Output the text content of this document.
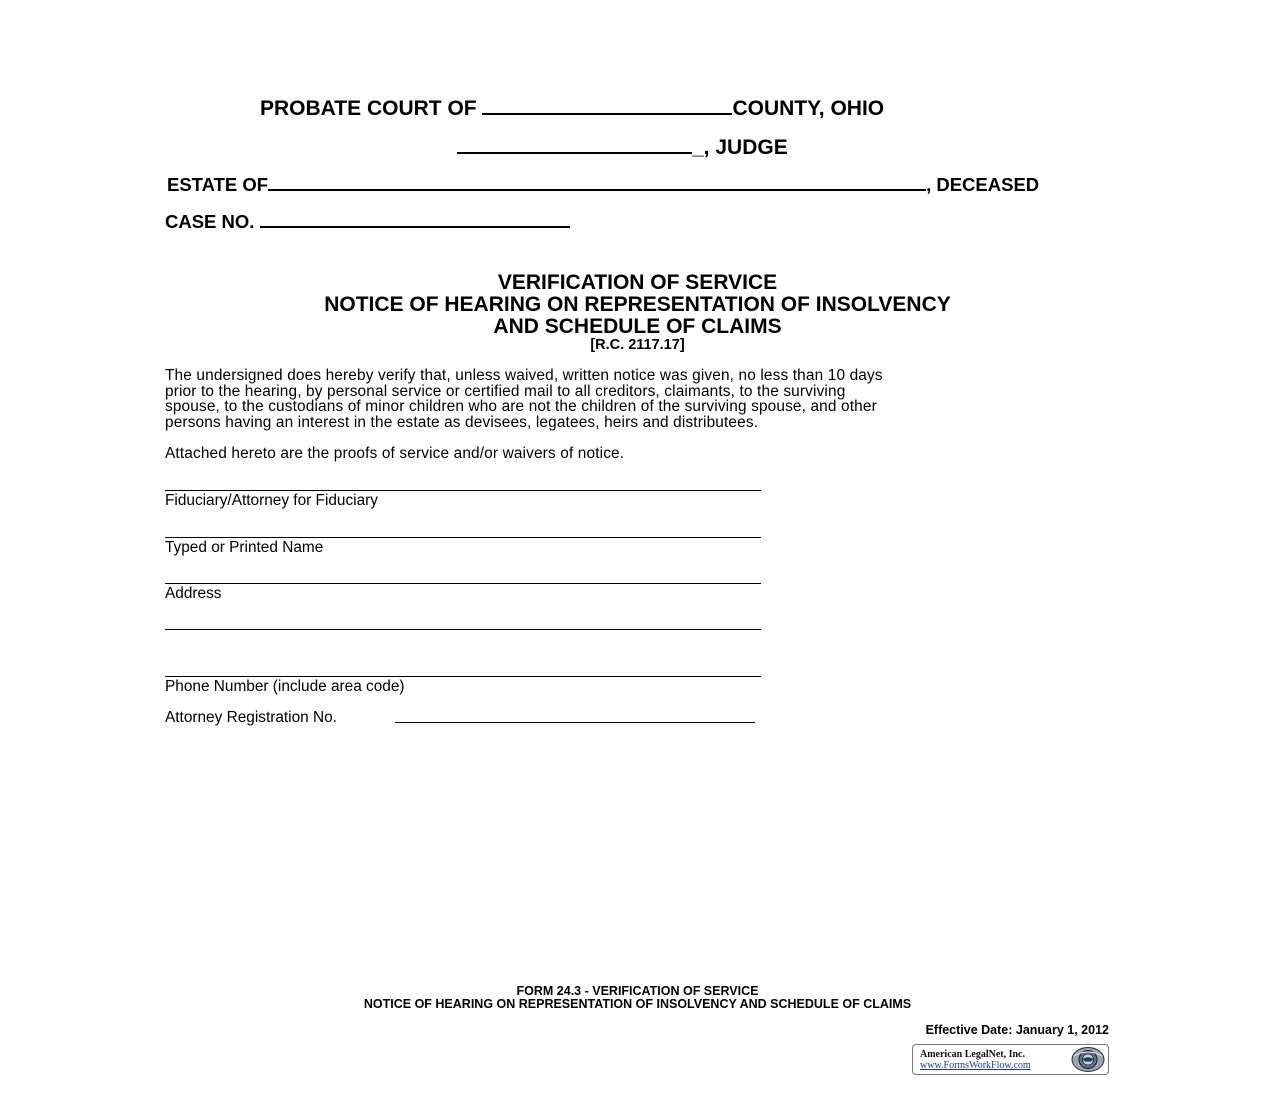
PROBATE COURT OF	COUNTY, OHIO
_, JUDGE
ESTATE OF	, DECEASED
CASE NO.
VERIFICATION OF SERVICE
NOTICE OF HEARING ON REPRESENTATION OF INSOLVENCY
AND SCHEDULE OF CLAIMS
[R.C. 2117.17]
The undersigned does hereby verify that, unless waived, written notice was given, no less than 10 days
prior to the hearing, by personal service or certified mail to all creditors, claimants, to the surviving
spouse, to the custodians of minor children who are not the children of the surviving spouse, and other
persons having an interest in the estate as devisees, legatees, heirs and distributees.
Attached hereto are the proofs of service and/or waivers of notice.
Fiduciary/Attorney for Fiduciary
Typed or Printed Name
Address
Phone Number (include area code)
Attorney Registration No.
FORM 24.3 - VERIFICATION OF SERVICE
NOTICE OF HEARING ON REPRESENTATION OF INSOLVENCY AND SCHEDULE OF CLAIMS
Effective Date: January 1, 2012
American LegalNet, Inc.
www.FormsWorkFlow.com
